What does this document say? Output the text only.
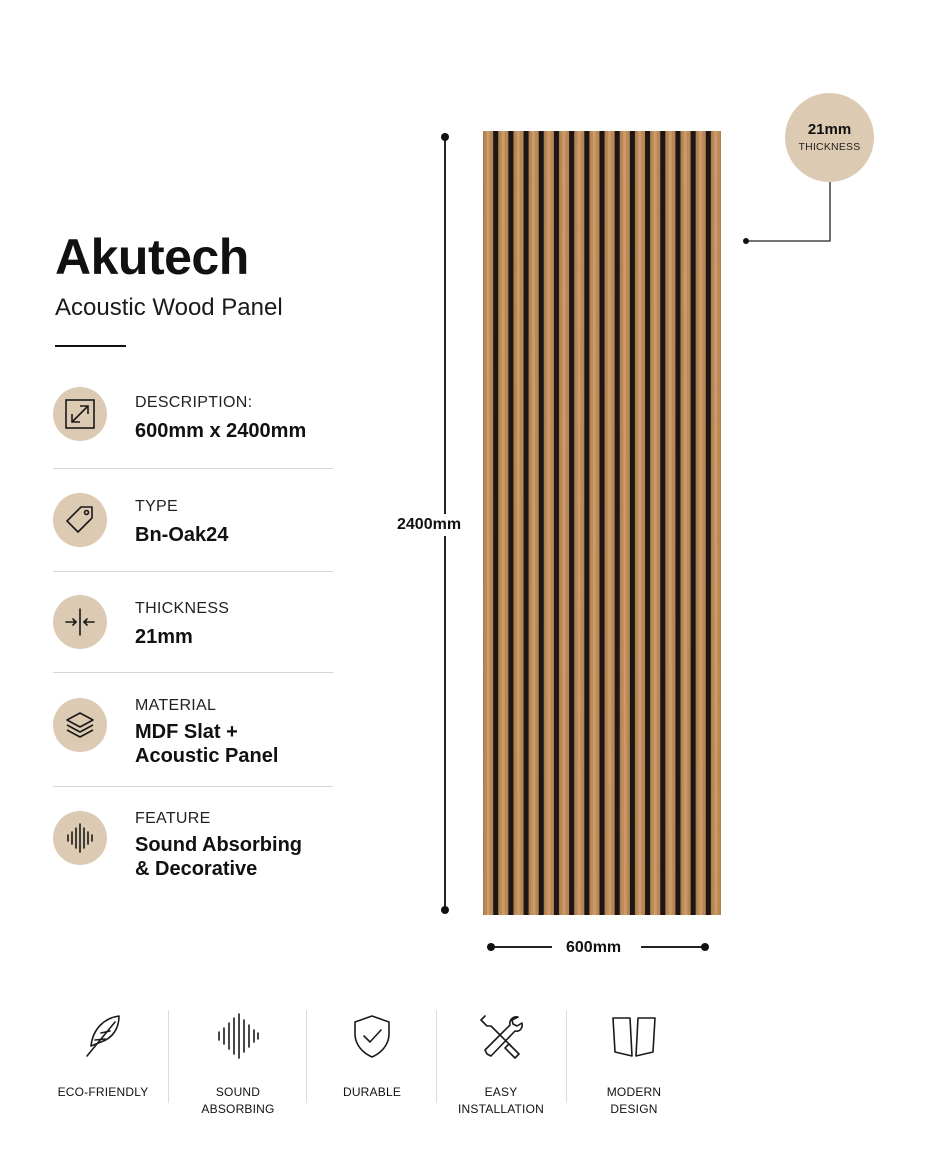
Akutech
Acoustic Wood Panel
DESCRIPTION:
600mm x 2400mm
TYPE
Bn-Oak24
THICKNESS
21mm
MATERIAL
MDF Slat +
Acoustic Panel
FEATURE
Sound Absorbing
& Decorative
2400mm
600mm
21mm
THICKNESS
ECO-FRIENDLY	SOUND
ABSORBING
DURABLE	EASY
INSTALLATION
MODERN
DESIGN
